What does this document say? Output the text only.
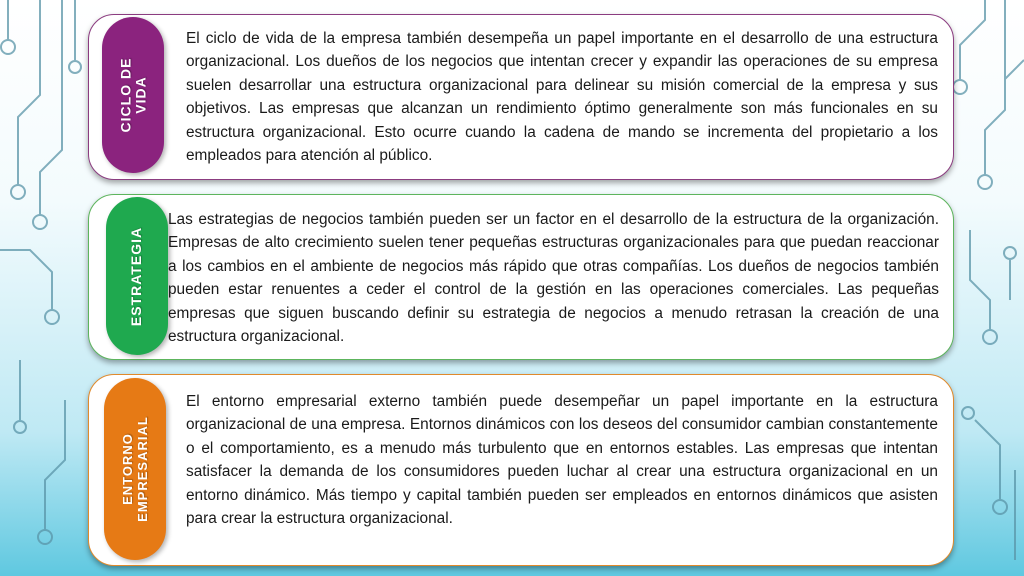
CICLO DE
VIDA
ESTRATEGIA
ENTORNO
EMPRESARIAL
El ciclo de vida de la empresa también desempeña un papel importante en el desarrollo de una estructura organizacional. Los dueños de los negocios que intentan crecer y expandir las operaciones de su empresa suelen desarrollar una estructura organizacional para delinear su misión comercial de la empresa y sus objetivos. Las empresas que alcanzan un rendimiento óptimo generalmente son más funcionales en su estructura organizacional. Esto ocurre cuando la cadena de mando se incrementa del propietario a los empleados para atención al público.
Las estrategias de negocios también pueden ser un factor en el desarrollo de la estructura de la organización. Empresas de alto crecimiento suelen tener pequeñas estructuras organizacionales para que puedan reaccionar a los cambios en el ambiente de negocios más rápido que otras compañías. Los dueños de negocios también pueden estar renuentes a ceder el control de la gestión en las operaciones comerciales. Las pequeñas empresas que siguen buscando definir su estrategia de negocios a menudo retrasan la creación de una estructura organizacional.
El entorno empresarial externo también puede desempeñar un papel importante en la estructura organizacional de una empresa. Entornos dinámicos con los deseos del consumidor cambian constantemente o el comportamiento, es a menudo más turbulento que en entornos estables. Las empresas que intentan satisfacer la demanda de los consumidores pueden luchar al crear una estructura organizacional en un entorno dinámico. Más tiempo y capital también pueden ser empleados en entornos dinámicos que asisten para crear la estructura organizacional.
